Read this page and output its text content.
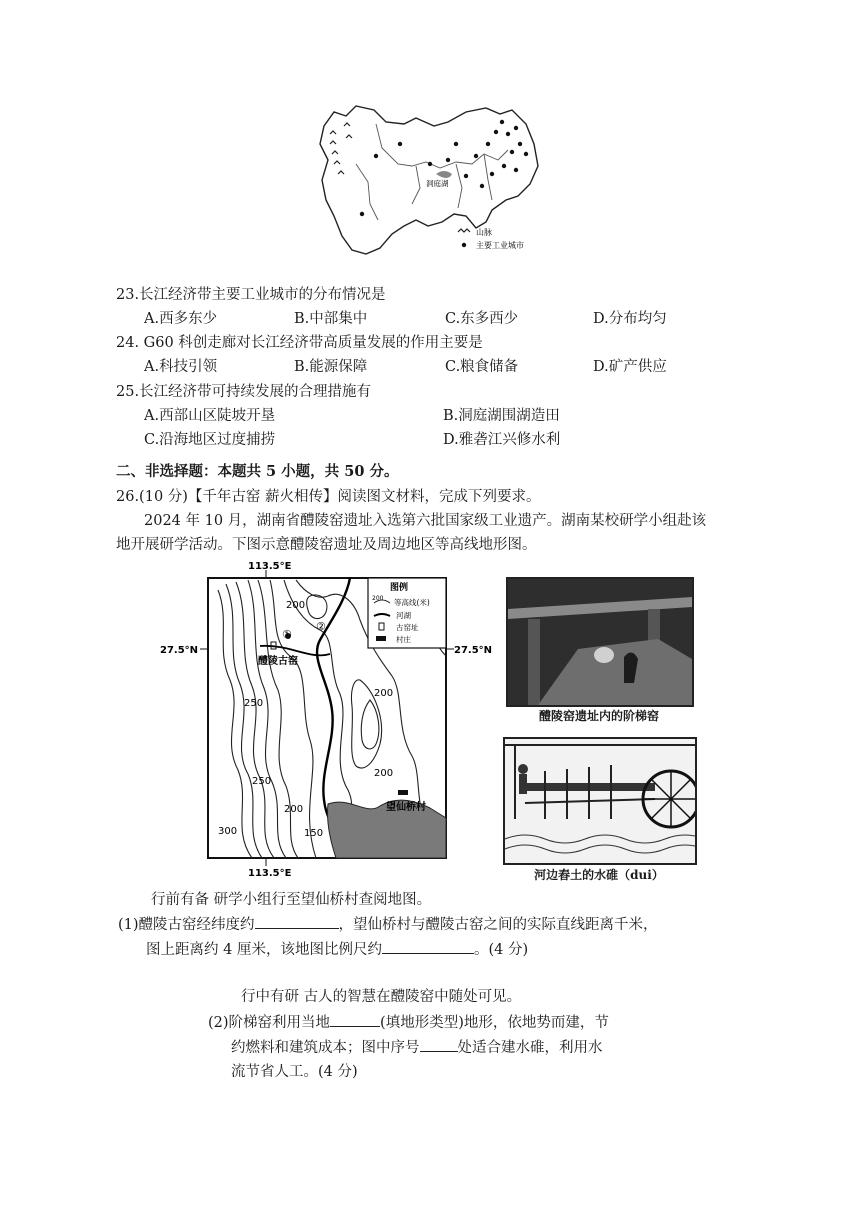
洞庭湖
山脉
主要工业城市
23.长江经济带主要工业城市的分布情况是
A.西多东少	B.中部集中	C.东多西少	D.分布均匀
24. G60 科创走廊对长江经济带高质量发展的作用主要是
A.科技引领	B.能源保障	C.粮食储备	D.矿产供应
25.长江经济带可持续发展的合理措施有
A.西部山区陡坡开垦	B.洞庭湖围湖造田
C.沿海地区过度捕捞	D.雅砻江兴修水利
二、非选择题：本题共 5 小题，共 50 分。
26.(10 分)【千年古窑 薪火相传】阅读图文材料，完成下列要求。
2024 年 10 月，湖南省醴陵窑遗址入选第六批国家级工业遗产。湖南某校研学小组赴该
地开展研学活动。下图示意醴陵窑遗址及周边地区等高线地形图。
113.5°E
113.5°E
27.5°N	27.5°N
图例
200 等高线(米)
河湖
古窑址
村庄
①
②
醴陵古窑
望仙桥村
200
250
200
200
250
200
300	150
醴陵窑遗址内的阶梯窑
河边舂土的水碓（dui）
行前有备 研学小组行至望仙桥村查阅地图。
(1)醴陵古窑经纬度约	，望仙桥村与醴陵古窑之间的实际直线距离千米，
图上距离约 4 厘米，该地图比例尺约	。(4 分)
行中有研 古人的智慧在醴陵窑中随处可见。
(2)阶梯窑利用当地	(填地形类型)地形，依地势而建，节
约燃料和建筑成本；图中序号	处适合建水碓，利用水
流节省人工。(4 分)
